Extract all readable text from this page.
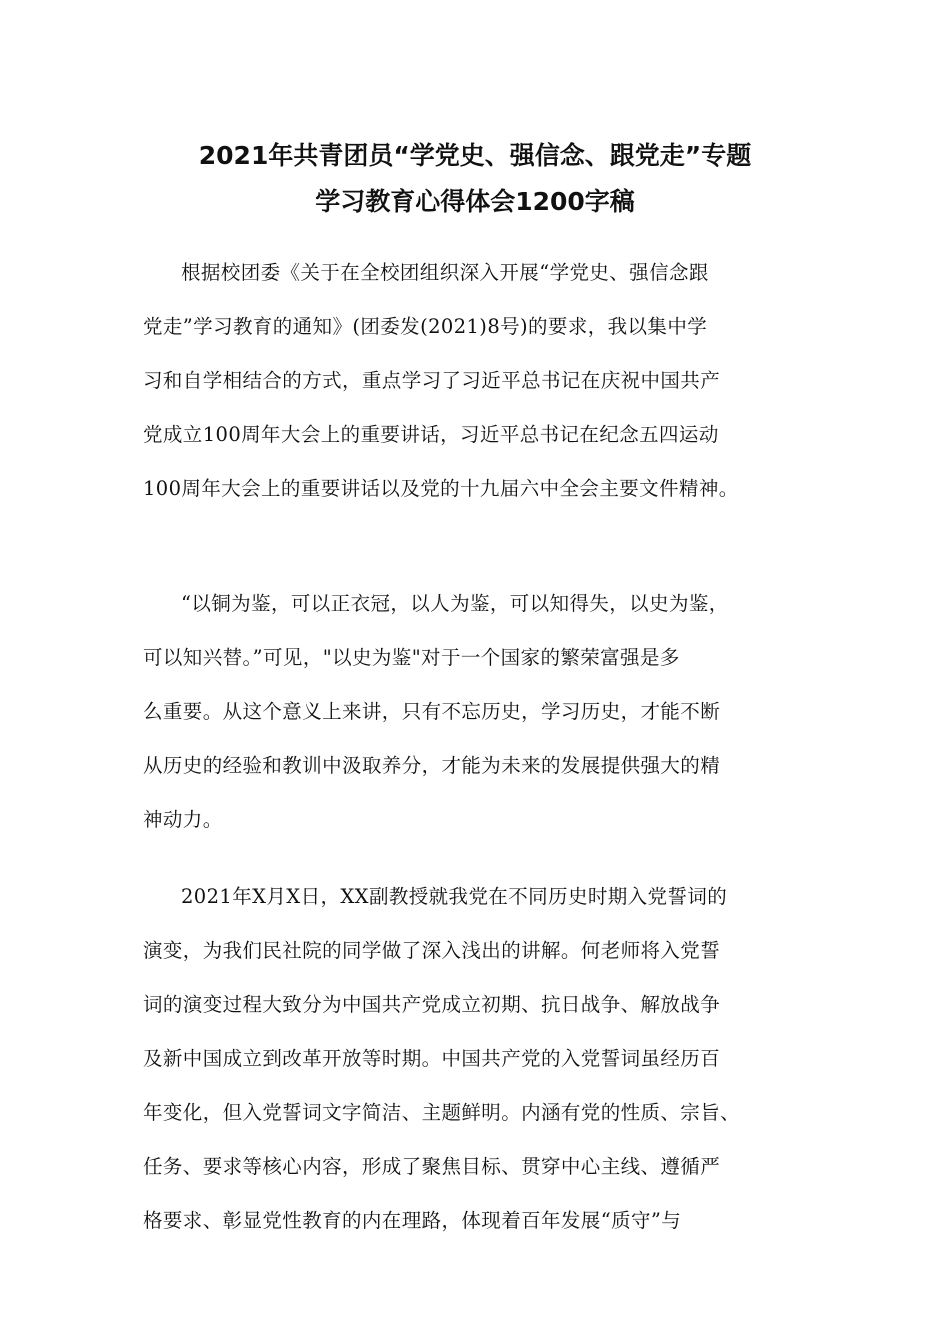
2021年共青团员“学党史、强信念、跟党走”专题
学习教育心得体会1200字稿
根据校团委《关于在全校团组织深入开展“学党史、强信念跟
党走”学习教育的通知》(团委发(2021)8号)的要求，我以集中学
习和自学相结合的方式，重点学习了习近平总书记在庆祝中国共产
党成立100周年大会上的重要讲话，习近平总书记在纪念五四运动
100周年大会上的重要讲话以及党的十九届六中全会主要文件精神。
“以铜为鉴，可以正衣冠，以人为鉴，可以知得失，以史为鉴，
可以知兴替。”可见，"以史为鉴"对于一个国家的繁荣富强是多
么重要。从这个意义上来讲，只有不忘历史，学习历史，才能不断
从历史的经验和教训中汲取养分，才能为未来的发展提供强大的精
神动力。
2021年X月X日，XX副教授就我党在不同历史时期入党誓词的
演变，为我们民社院的同学做了深入浅出的讲解。何老师将入党誓
词的演变过程大致分为中国共产党成立初期、抗日战争、解放战争
及新中国成立到改革开放等时期。中国共产党的入党誓词虽经历百
年变化，但入党誓词文字简洁、主题鲜明。内涵有党的性质、宗旨、
任务、要求等核心内容，形成了聚焦目标、贯穿中心主线、遵循严
格要求、彰显党性教育的内在理路，体现着百年发展“质守”与
